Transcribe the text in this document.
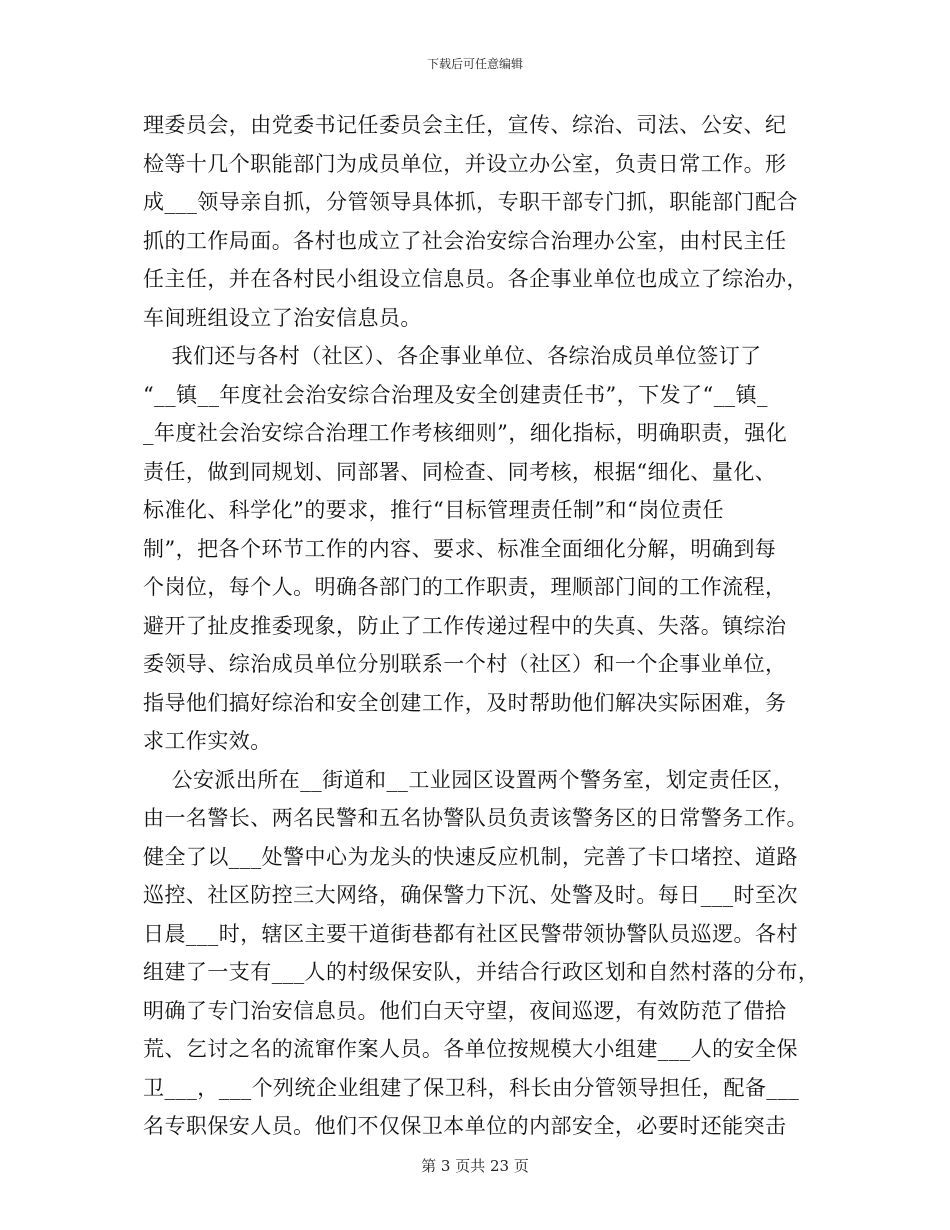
下载后可任意编辑
理委员会，由党委书记任委员会主任，宣传、综治、司法、公安、纪
检等十几个职能部门为成员单位，并设立办公室，负责日常工作。形
成___领导亲自抓，分管领导具体抓，专职干部专门抓，职能部门配合
抓的工作局面。各村也成立了社会治安综合治理办公室，由村民主任
任主任，并在各村民小组设立信息员。各企事业单位也成立了综治办，
车间班组设立了治安信息员。
我们还与各村（社区）、各企事业单位、各综治成员单位签订了
“__镇__年度社会治安综合治理及安全创建责任书”，下发了“__镇_
_年度社会治安综合治理工作考核细则”，细化指标，明确职责，强化
责任，做到同规划、同部署、同检查、同考核，根据“细化、量化、
标准化、科学化”的要求，推行“目标管理责任制”和“岗位责任
制”，把各个环节工作的内容、要求、标准全面细化分解，明确到每
个岗位，每个人。明确各部门的工作职责，理顺部门间的工作流程，
避开了扯皮推委现象，防止了工作传递过程中的失真、失落。镇综治
委领导、综治成员单位分别联系一个村（社区）和一个企事业单位，
指导他们搞好综治和安全创建工作，及时帮助他们解决实际困难，务
求工作实效。
公安派出所在__街道和__工业园区设置两个警务室，划定责任区，
由一名警长、两名民警和五名协警队员负责该警务区的日常警务工作。
健全了以___处警中心为龙头的快速反应机制，完善了卡口堵控、道路
巡控、社区防控三大网络，确保警力下沉、处警及时。每日___时至次
日晨___时，辖区主要干道街巷都有社区民警带领协警队员巡逻。各村
组建了一支有___人的村级保安队，并结合行政区划和自然村落的分布，
明确了专门治安信息员。他们白天守望，夜间巡逻，有效防范了借拾
荒、乞讨之名的流窜作案人员。各单位按规模大小组建___人的安全保
卫___，___个列统企业组建了保卫科，科长由分管领导担任，配备___
名专职保安人员。他们不仅保卫本单位的内部安全，必要时还能突击
第 3 页共 23 页
